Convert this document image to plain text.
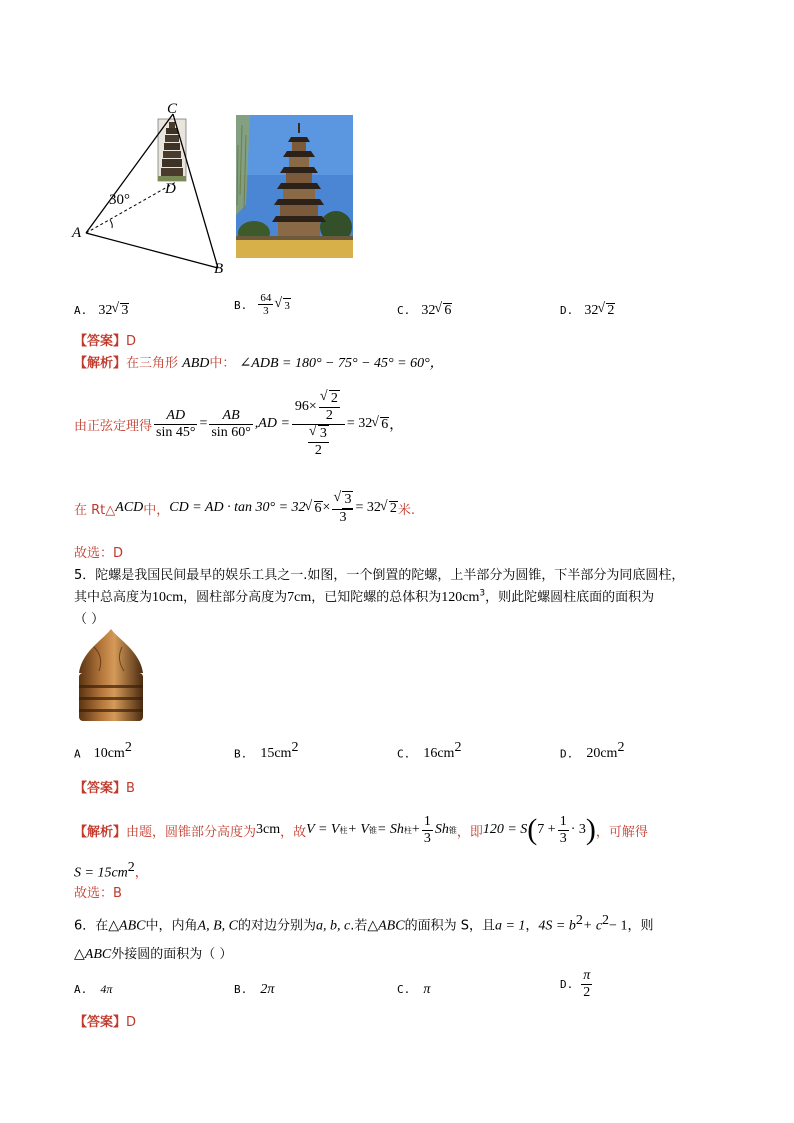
C
D
A
B
30°
A. 32 √ 3	B. $\frac{64}{3}$ √ 3	C. 32 √ 6	D. 32 √ 2
【答案】D
【解析】在三角形 ABD中： ∠ADB = 180° − 75° − 45° = 60°，
由正弦定理得 $\frac{AD}{\sin 45^\circ} = \frac{AB}{\sin 60^\circ} ,AD = 96\times$ √ $\frac{2}{2}$
√ $\frac{3}{2} = 32$ √ 6 ，
在 Rt△ ACD 中， CD = AD · tan 30° = 32 √ 6 × √ $\frac{3}{3} = 32$ √ 2 米.
故选：D
5．陀螺是我国民间最早的娱乐工具之一.如图，一个倒置的陀螺，上半部分为圆锥，下半部分为同底圆柱，
其中总高度为10cm，圆柱部分高度为7cm，已知陀螺的总体积为$120cm^3$，则此陀螺圆柱底面的面积为
（ ）
A $10cm^2$	B. $15cm^2$	C. $16cm^2$	D. $20cm^2$
【答案】B
【解析】 由题，圆锥部分高度为 3cm ，故 V = V 柱 + V 锥 = Sh 柱 + $\frac{1}{3}$ Sh 锥 ，即 120 = S ( $7 + \frac{1}{3} \cdot 3$ ) ，可解得
$S = 15cm^2$，
故选：B
6．在△ABC中，内角A, B, C的对边分别为a, b, c.若△ABC的面积为 S，且a = 1，$4S = b^2+ c^2- 1$，则
△ABC外接圆的面积为（ ）
A. 4π	B. 2π	C. π	D. $\frac{\pi}{2}$
【答案】D
